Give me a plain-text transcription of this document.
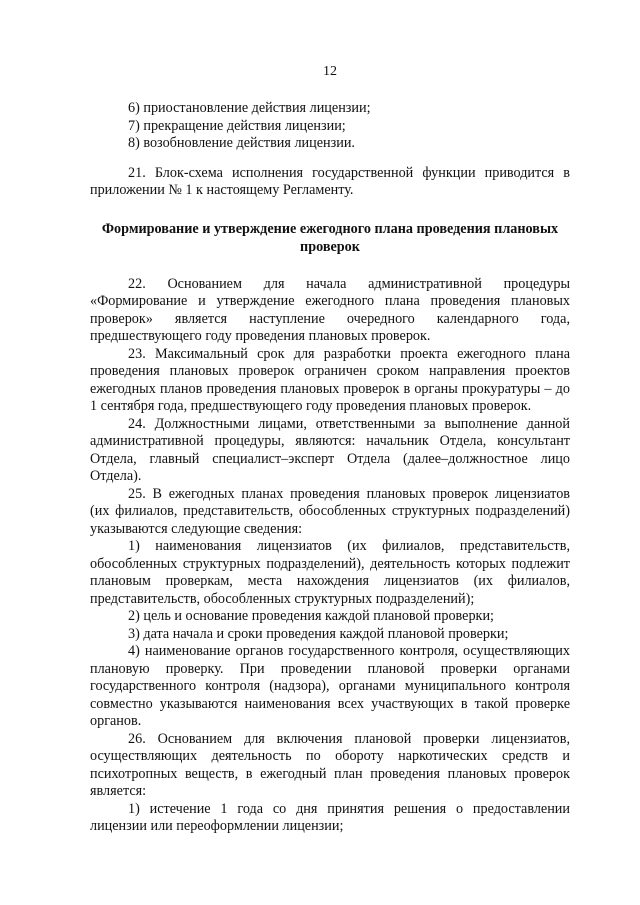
12

6) приостановление действия лицензии;

7) прекращение действия лицензии;

8) возобновление действия лицензии.

21. Блок-схема исполнения государственной функции приводится в приложении № 1 к настоящему Регламенту.

Формирование и утверждение ежегодного плана проведения плановых проверок

22. Основанием для начала административной процедуры «Формирование и утверждение ежегодного плана проведения плановых проверок» является наступление очередного календарного года, предшествующего году проведения плановых проверок.

23. Максимальный срок для разработки проекта ежегодного плана проведения плановых проверок ограничен сроком направления проектов ежегодных планов проведения плановых проверок в органы прокуратуры – до 1 сентября года, предшествующего году проведения плановых проверок.

24. Должностными лицами, ответственными за выполнение данной административной процедуры, являются: начальник Отдела, консультант Отдела, главный специалист–эксперт Отдела (далее–должностное лицо Отдела).

25. В ежегодных планах проведения плановых проверок лицензиатов (их филиалов, представительств, обособленных структурных подразделений) указываются следующие сведения:

1) наименования лицензиатов (их филиалов, представительств, обособленных структурных подразделений), деятельность которых подлежит плановым проверкам, места нахождения лицензиатов (их филиалов, представительств, обособленных структурных подразделений);

2) цель и основание проведения каждой плановой проверки;

3) дата начала и сроки проведения каждой плановой проверки;

4) наименование органов государственного контроля, осуществляющих плановую проверку. При проведении плановой проверки органами государственного контроля (надзора), органами муниципального контроля совместно указываются наименования всех участвующих в такой проверке органов.

26. Основанием для включения плановой проверки лицензиатов, осуществляющих деятельность по обороту наркотических средств и психотропных веществ, в ежегодный план проведения плановых проверок является:

1) истечение 1 года со дня принятия решения о предоставлении лицензии или переоформлении лицензии;
